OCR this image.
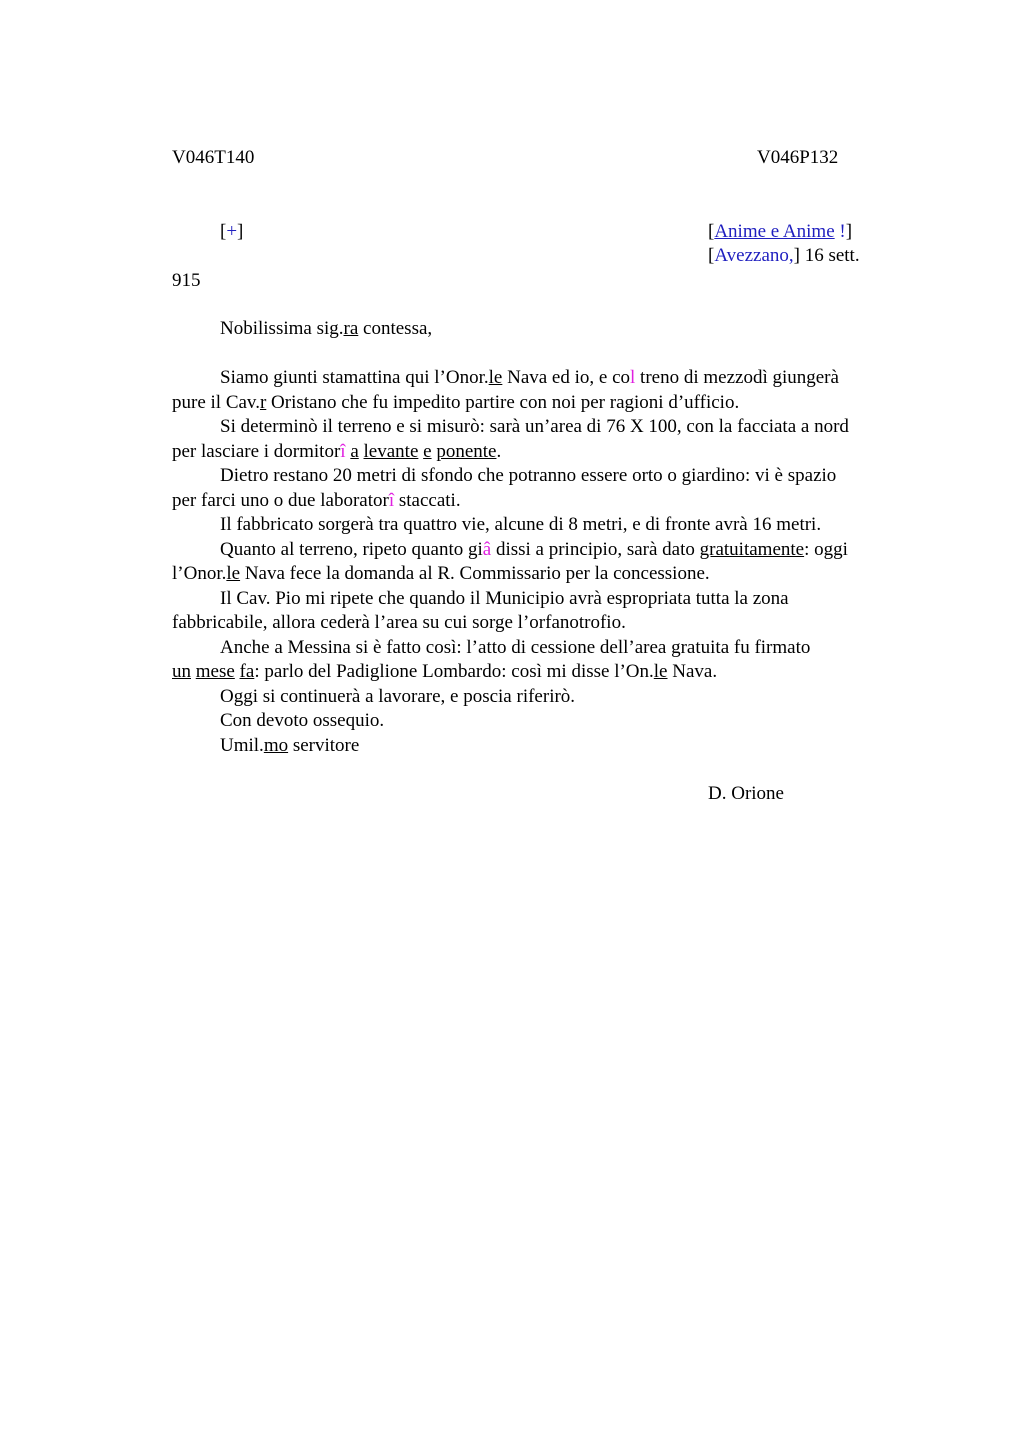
V046T140	V046P132
[+]	[Anime e Anime !]
[Avezzano,] 16 sett.
915
Nobilissima sig.ra contessa,
Siamo giunti stamattina qui l’Onor.le Nava ed io, e col treno di mezzodì giungerà
pure il Cav.r Oristano che fu impedito partire con noi per ragioni d’ufficio.
Si determinò il terreno e si misurò: sarà un’area di 76 X 100, con la facciata a nord
per lasciare i dormitorî a levante e ponente.
Dietro restano 20 metri di sfondo che potranno essere orto o giardino: vi è spazio
per farci uno o due laboratorî staccati.
Il fabbricato sorgerà tra quattro vie, alcune di 8 metri, e di fronte avrà 16 metri.
Quanto al terreno, ripeto quanto giâ dissi a principio, sarà dato gratuitamente: oggi
l’Onor.le Nava fece la domanda al R. Commissario per la concessione.
Il Cav. Pio mi ripete che quando il Municipio avrà espropriata tutta la zona
fabbricabile, allora cederà l’area su cui sorge l’orfanotrofio.
Anche a Messina si è fatto così: l’atto di cessione dell’area gratuita fu firmato
un mese fa: parlo del Padiglione Lombardo: così mi disse l’On.le Nava.
Oggi si continuerà a lavorare, e poscia riferirò.
Con devoto ossequio.
Umil.mo servitore
D. Orione
